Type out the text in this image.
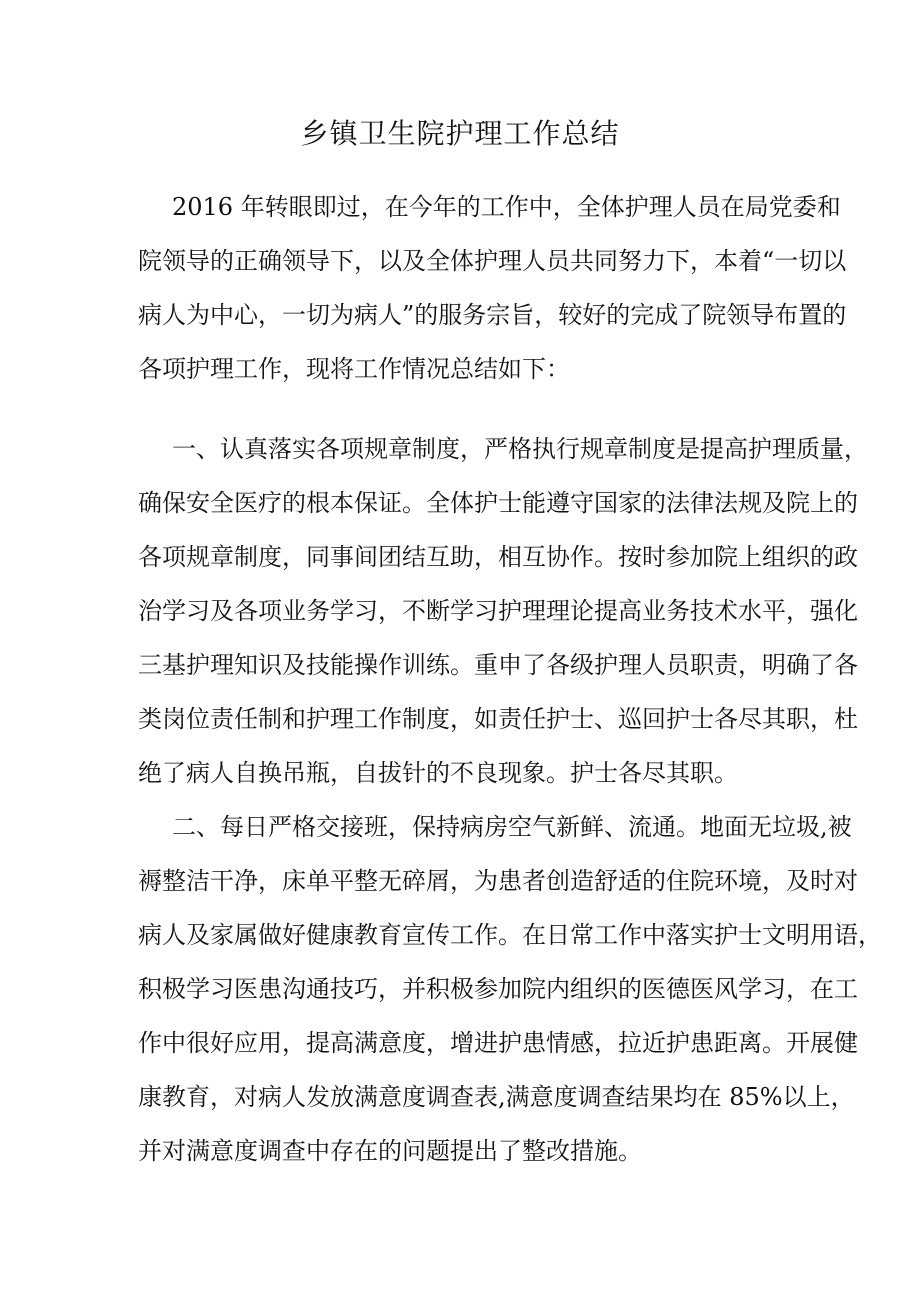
乡镇卫生院护理工作总结
2016 年转眼即过，在今年的工作中，全体护理人员在局党委和
院领导的正确领导下，以及全体护理人员共同努力下，本着“一切以
病人为中心，一切为病人”的服务宗旨，较好的完成了院领导布置的
各项护理工作，现将工作情况总结如下：
一、认真落实各项规章制度，严格执行规章制度是提高护理质量，
确保安全医疗的根本保证。全体护士能遵守国家的法律法规及院上的
各项规章制度，同事间团结互助，相互协作。按时参加院上组织的政
治学习及各项业务学习，不断学习护理理论提高业务技术水平，强化
三基护理知识及技能操作训练。重申了各级护理人员职责，明确了各
类岗位责任制和护理工作制度，如责任护士、巡回护士各尽其职，杜
绝了病人自换吊瓶，自拔针的不良现象。护士各尽其职。
二、每日严格交接班，保持病房空气新鲜、流通。地面无垃圾,被
褥整洁干净，床单平整无碎屑，为患者创造舒适的住院环境，及时对
病人及家属做好健康教育宣传工作。在日常工作中落实护士文明用语，
积极学习医患沟通技巧，并积极参加院内组织的医德医风学习，在工
作中很好应用，提高满意度，增进护患情感，拉近护患距离。开展健
康教育，对病人发放满意度调查表,满意度调查结果均在 85%以上，
并对满意度调查中存在的问题提出了整改措施。
